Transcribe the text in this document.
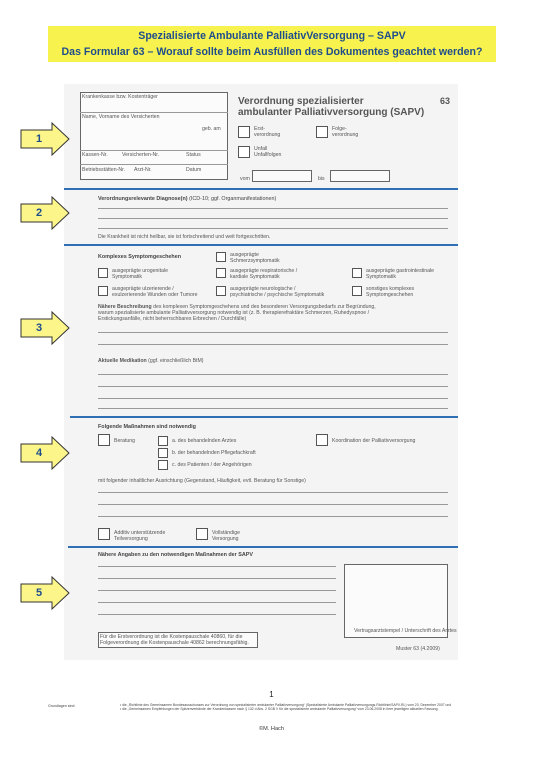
Spezialisierte Ambulante PalliativVersorgung – SAPV
Das Formular 63 – Worauf sollte beim Ausfüllen des Dokumentes geachtet werden?
Krankenkasse bzw. Kostenträger
Name, Vorname des Versicherten
geb. am
Kassen-Nr.	Versicherten-Nr.	Status
Betriebsstätten-Nr. Arzt-Nr.	Datum
Verordnung spezialisierter
ambulanter Palliativversorgung (SAPV)
63
Erst-
verordnung
Folge-
verordnung
Unfall
Unfallfolgen
vom	bis
Verordnungsrelevante Diagnose(n) (ICD-10; ggf. Organmanifestationen)
Die Krankheit ist nicht heilbar, sie ist fortschreitend und weit fortgeschritten.
Komplexes Symptomgeschehen	ausgeprägte
Schmerzsymptomatik
ausgeprägte urogenitale
Symptomatik
ausgeprägte respiratorische /
kardiale Symptomatik
ausgeprägte gastrointestinale
Symptomatik
ausgeprägte ulzerierende /
exulzerierende Wunden oder Tumore
ausgeprägte neurologische /
psychiatrische / psychische Symptomatik
sonstiges komplexes
Symptomgeschehen
Nähere Beschreibung des komplexen Symptomgeschehens und des besonderen Versorgungsbedarfs zur Begründung,
warum spezialisierte ambulante Palliativversorgung notwendig ist (z. B. therapierefraktäre Schmerzen, Ruhedyspnoe /
Erstickungsanfälle, nicht beherrschbares Erbrechen / Durchfälle)
Aktuelle Medikation (ggf. einschließlich BtM)
Folgende Maßnahmen sind notwendig
Beratung	a. des behandelnden Arztes
b. der behandelnden Pflegefachkraft
c. des Patienten / der Angehörigen
Koordination der Palliativversorgung
mit folgender inhaltlicher Ausrichtung (Gegenstand, Häufigkeit, evtl. Beratung für Sonstige)
Additiv unterstützende
Teilversorgung
Vollständige
Versorgung
Nähere Angaben zu den notwendigen Maßnahmen der SAPV
Vertragsarztstempel / Unterschrift des Arztes
Für die Erstverordnung ist die Kostenpauschale 40860, für die
Folgeverordnung die Kostenpauschale 40862 berechnungsfähig.
Muster 63 (4.2009)
1
2
3
4
5
1
Grundlagen sind:	• die „Richtlinie des Gemeinsamen Bundesausschusses zur Verordnung von spezialisierter ambulanter Palliativversorgung“ (Spezialisierte Ambulante Palliativversorgungs-Richtlinie/SAPV-RL) vom 20. Dezember 2007 und
• die „Gemeinsamen Empfehlungen der Spitzenverbände der Krankenkassen nach § 132 d Abs. 2 SGB V für die spezialisierte ambulante Palliativversorgung“ vom 23.06.2008 in ihrer jeweiligen aktuellen Fassung.
©M. Hach
